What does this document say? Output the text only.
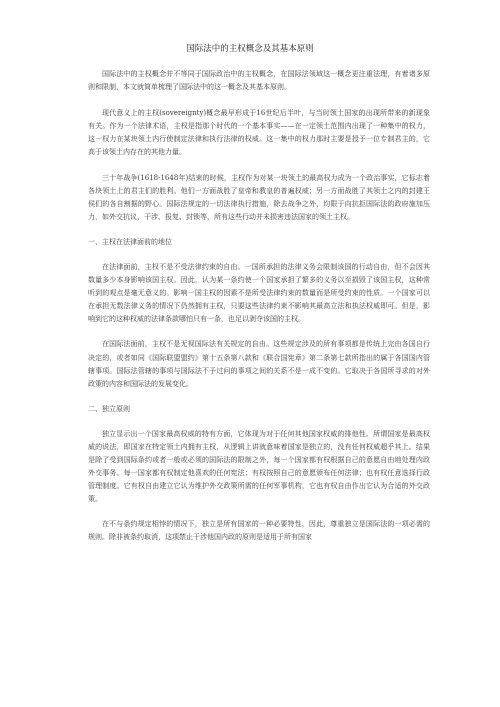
国际法中的主权概念及其基本原则

国际法中的主权概念并不等同于国际政治中的主权概念，在国际法领域这一概念更注重法理，有着诸多原则和限制，本文就简单梳理了国际法中的这一概念及其基本原则。

现代意义上的主权(sovereignty)概念最早形成于16世纪后半叶，与当时领土国家的出现所带来的新现象有关。作为一个法律术语，主权是指那个时代的一个基本事实——在一定领土范围内出现了一种集中的权力，这一权力在某块领土内行使制定法律和执行法律的权威。这一集中的权力那时主要是授予一位专制君主的，它高于该领土内存在的其他力量。

三十年战争(1618-1648年)结束的时候，主权作为对某一块领土的最高权力成为一个政治事实，它标志着各块领土上的君主们的胜利。他们一方面战胜了皇帝和教皇的普遍权威；另一方面战胜了其领土之内的封建王侯们的各自割据的野心。国际法规定的一切法律执行措施，除去战争之外，均限于向抗拒国际法的政府施加压力，如外交抗议、干涉、报复、封锁等，所有这些行动并未损害违法国家的领土主权。

一、主权在法律面前的地位

在法律面前，主权不是不受法律约束的自由。一国所承担的法律义务会限制该国的行动自由，但不会因其数量多少本身影响该国主权。因此，认为某一条约使一个国家承担了繁多的义务以至损毁了该国主权，这种常听到的观点是毫无意义的。影响一国主权的因素不是所受法律约束的数量而是所受约束的性质。一个国家可以在承担无数法律义务的情况下仍然拥有主权，只要这些法律约束不影响其最高立法和执法权威即可。但是，影响到它的这种权威的法律条款哪怕只有一条，也足以剥夺该国的主权。

在国际法面前，主权不是无视国际法有关规定的自由。这些规定涉及的所有事项都是传统上完由各国自行决定的，或者如同《国际联盟盟约》第十五条第八款和《联合国宪章》第二条第七款所指出的属于各国国内管辖事项。国际法管辖的事项与国际法不予过问的事项之间的关系不是一成不变的。它取决于各国所寻求的对外政策的内容和国际法的发展变化。

二、独立原则

独立显示出一个国家最高权威的特有方面，它体现为对于任何其他国家权威的排他性。所谓国家是最高权威的说法，即国家在特定领土内拥有主权，从逻辑上讲就意味着国家是独立的，没有任何权威超乎其上。结果是除了受到国际条约或者一般或必须的国际法的限制之外，每一个国家都有权根据自己的意愿自由地处理内政外交事务。每一国家都有权制定他喜欢的任何宪法；有权按照自己的意愿颁布任何法律；也有权任意选择行政管理制度。它有权自由建立它认为维护外交政策所需的任何军事机构，它也有权自由作出它认为合适的外交政策。

在不与条约规定相悖的情况下，独立是所有国家的一种必要特性，因此，尊重独立是国际法的一项必需的规则。除非被条约取消，这项禁止干涉他国内政的原则是适用于所有国家
